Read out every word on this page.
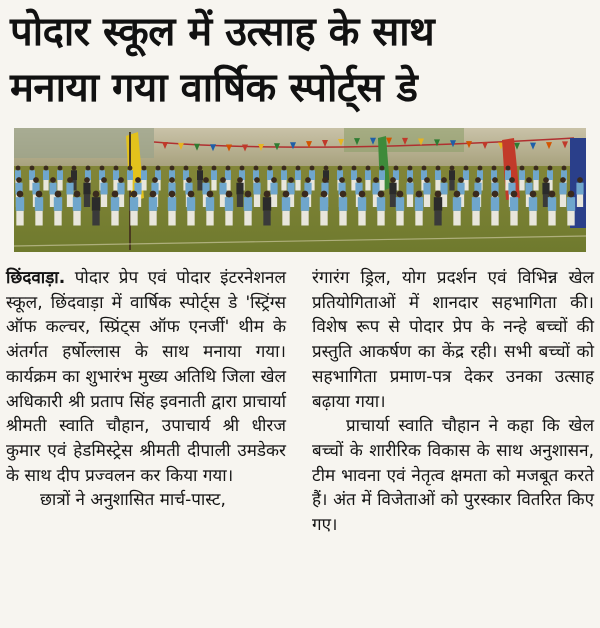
पोदार स्कूल में उत्साह के साथ
मनाया गया वार्षिक स्पोर्ट्स डे

छिंदवाड़ा. पोदार प्रेप एवं पोदार इंटरनेशनल स्कूल, छिंदवाड़ा में वार्षिक स्पोर्ट्स डे 'स्ट्रिंग्स ऑफ कल्चर, स्प्रिंट्स ऑफ एनर्जी' थीम के अंतर्गत हर्षोल्लास के साथ मनाया गया। कार्यक्रम का शुभारंभ मुख्य अतिथि जिला खेल अधिकारी श्री प्रताप सिंह इवनाती द्वारा प्राचार्या श्रीमती स्वाति चौहान, उपाचार्य श्री धीरज कुमार एवं हेडमिस्ट्रेस श्रीमती दीपाली उमडेकर के साथ दीप प्रज्वलन कर किया गया।

छात्रों ने अनुशासित मार्च-पास्ट,

रंगारंग ड्रिल, योग प्रदर्शन एवं विभिन्न खेल प्रतियोगिताओं में शानदार सहभागिता की। विशेष रूप से पोदार प्रेप के नन्हे बच्चों की प्रस्तुति आकर्षण का केंद्र रही। सभी बच्चों को सहभागिता प्रमाण-पत्र देकर उनका उत्साह बढ़ाया गया।

प्राचार्या स्वाति चौहान ने कहा कि खेल बच्चों के शारीरिक विकास के साथ अनुशासन, टीम भावना एवं नेतृत्व क्षमता को मजबूत करते हैं। अंत में विजेताओं को पुरस्कार वितरित किए गए।
